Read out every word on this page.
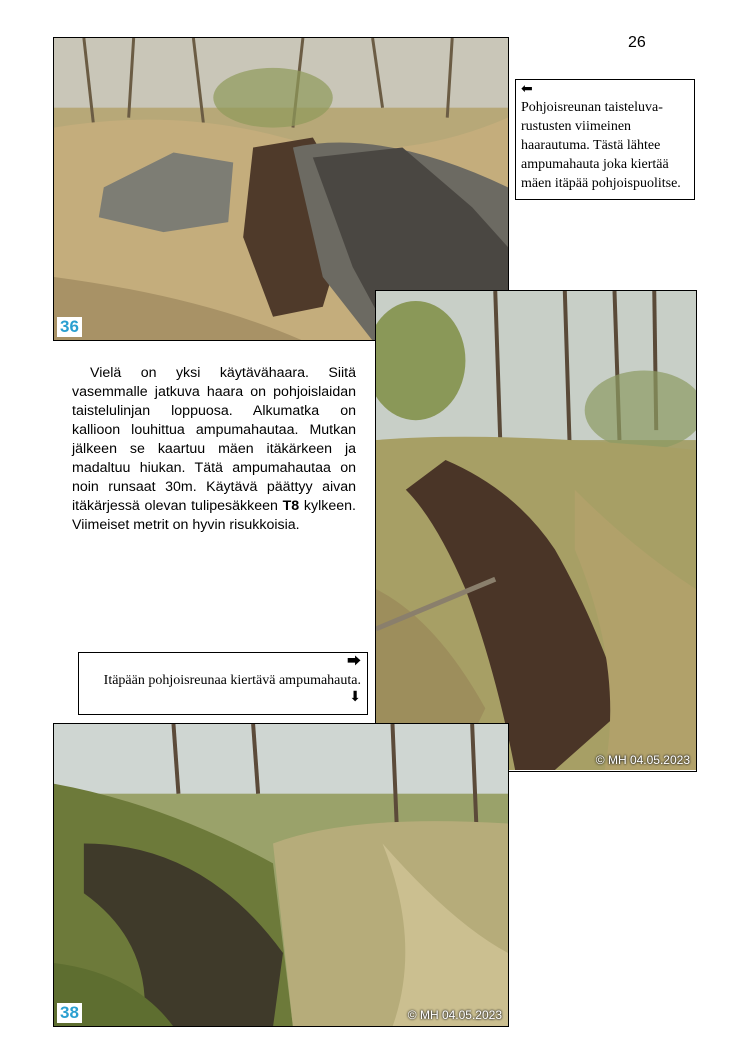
26
36
⬅
Pohjoisreunan taisteluva-rustusten viimeinen haarautuma. Tästä lähtee ampumahauta joka kiertää mäen itäpää pohjoispuolitse.
Vielä on yksi käytävähaara. Siitä vasemmalle jatkuva haara on pohjoislaidan taistelulinjan loppuosa. Alkumatka on kallioon louhittua ampumahautaa. Mutkan jälkeen se kaartuu mäen itäkärkeen ja madaltuu hiukan. Tätä ampumahautaa on noin runsaat 30m. Käytävä päättyy aivan itäkärjessä olevan tulipesäkkeen T8 kylkeen. Viimeiset metrit on hyvin risukkoisia.
© MH 04.05.2023
⮕
Itäpään pohjoisreunaa kiertävä ampumahauta.
⬇
38	© MH 04.05.2023
